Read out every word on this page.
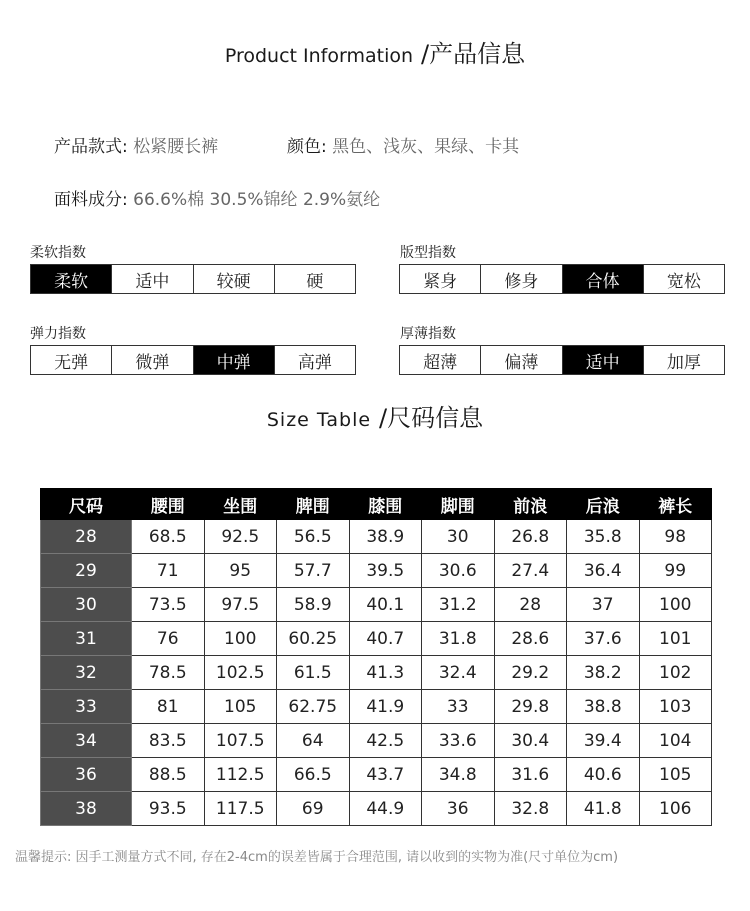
Product Information /产品信息
产品款式: 松紧腰长裤	颜色: 黑色、浅灰、果绿、卡其
面料成分: 66.6%棉 30.5%锦纶 2.9%氨纶
柔软指数
柔软	适中	较硬	硬
版型指数
紧身	修身	合体	宽松
弹力指数
无弹	微弹	中弹	高弹
厚薄指数
超薄	偏薄	适中	加厚
Size Table /尺码信息
尺码	腰围	坐围	脾围	膝围	脚围	前浪	后浪	裤长
28	68.5	92.5	56.5	38.9	30	26.8	35.8	98
29	71	95	57.7	39.5	30.6	27.4	36.4	99
30	73.5	97.5	58.9	40.1	31.2	28	37	100
31	76	100	60.25	40.7	31.8	28.6	37.6	101
32	78.5	102.5	61.5	41.3	32.4	29.2	38.2	102
33	81	105	62.75	41.9	33	29.8	38.8	103
34	83.5	107.5	64	42.5	33.6	30.4	39.4	104
36	88.5	112.5	66.5	43.7	34.8	31.6	40.6	105
38	93.5	117.5	69	44.9	36	32.8	41.8	106
温馨提示: 因手工测量方式不同, 存在2-4cm的误差皆属于合理范围, 请以收到的实物为准(尺寸单位为cm)
